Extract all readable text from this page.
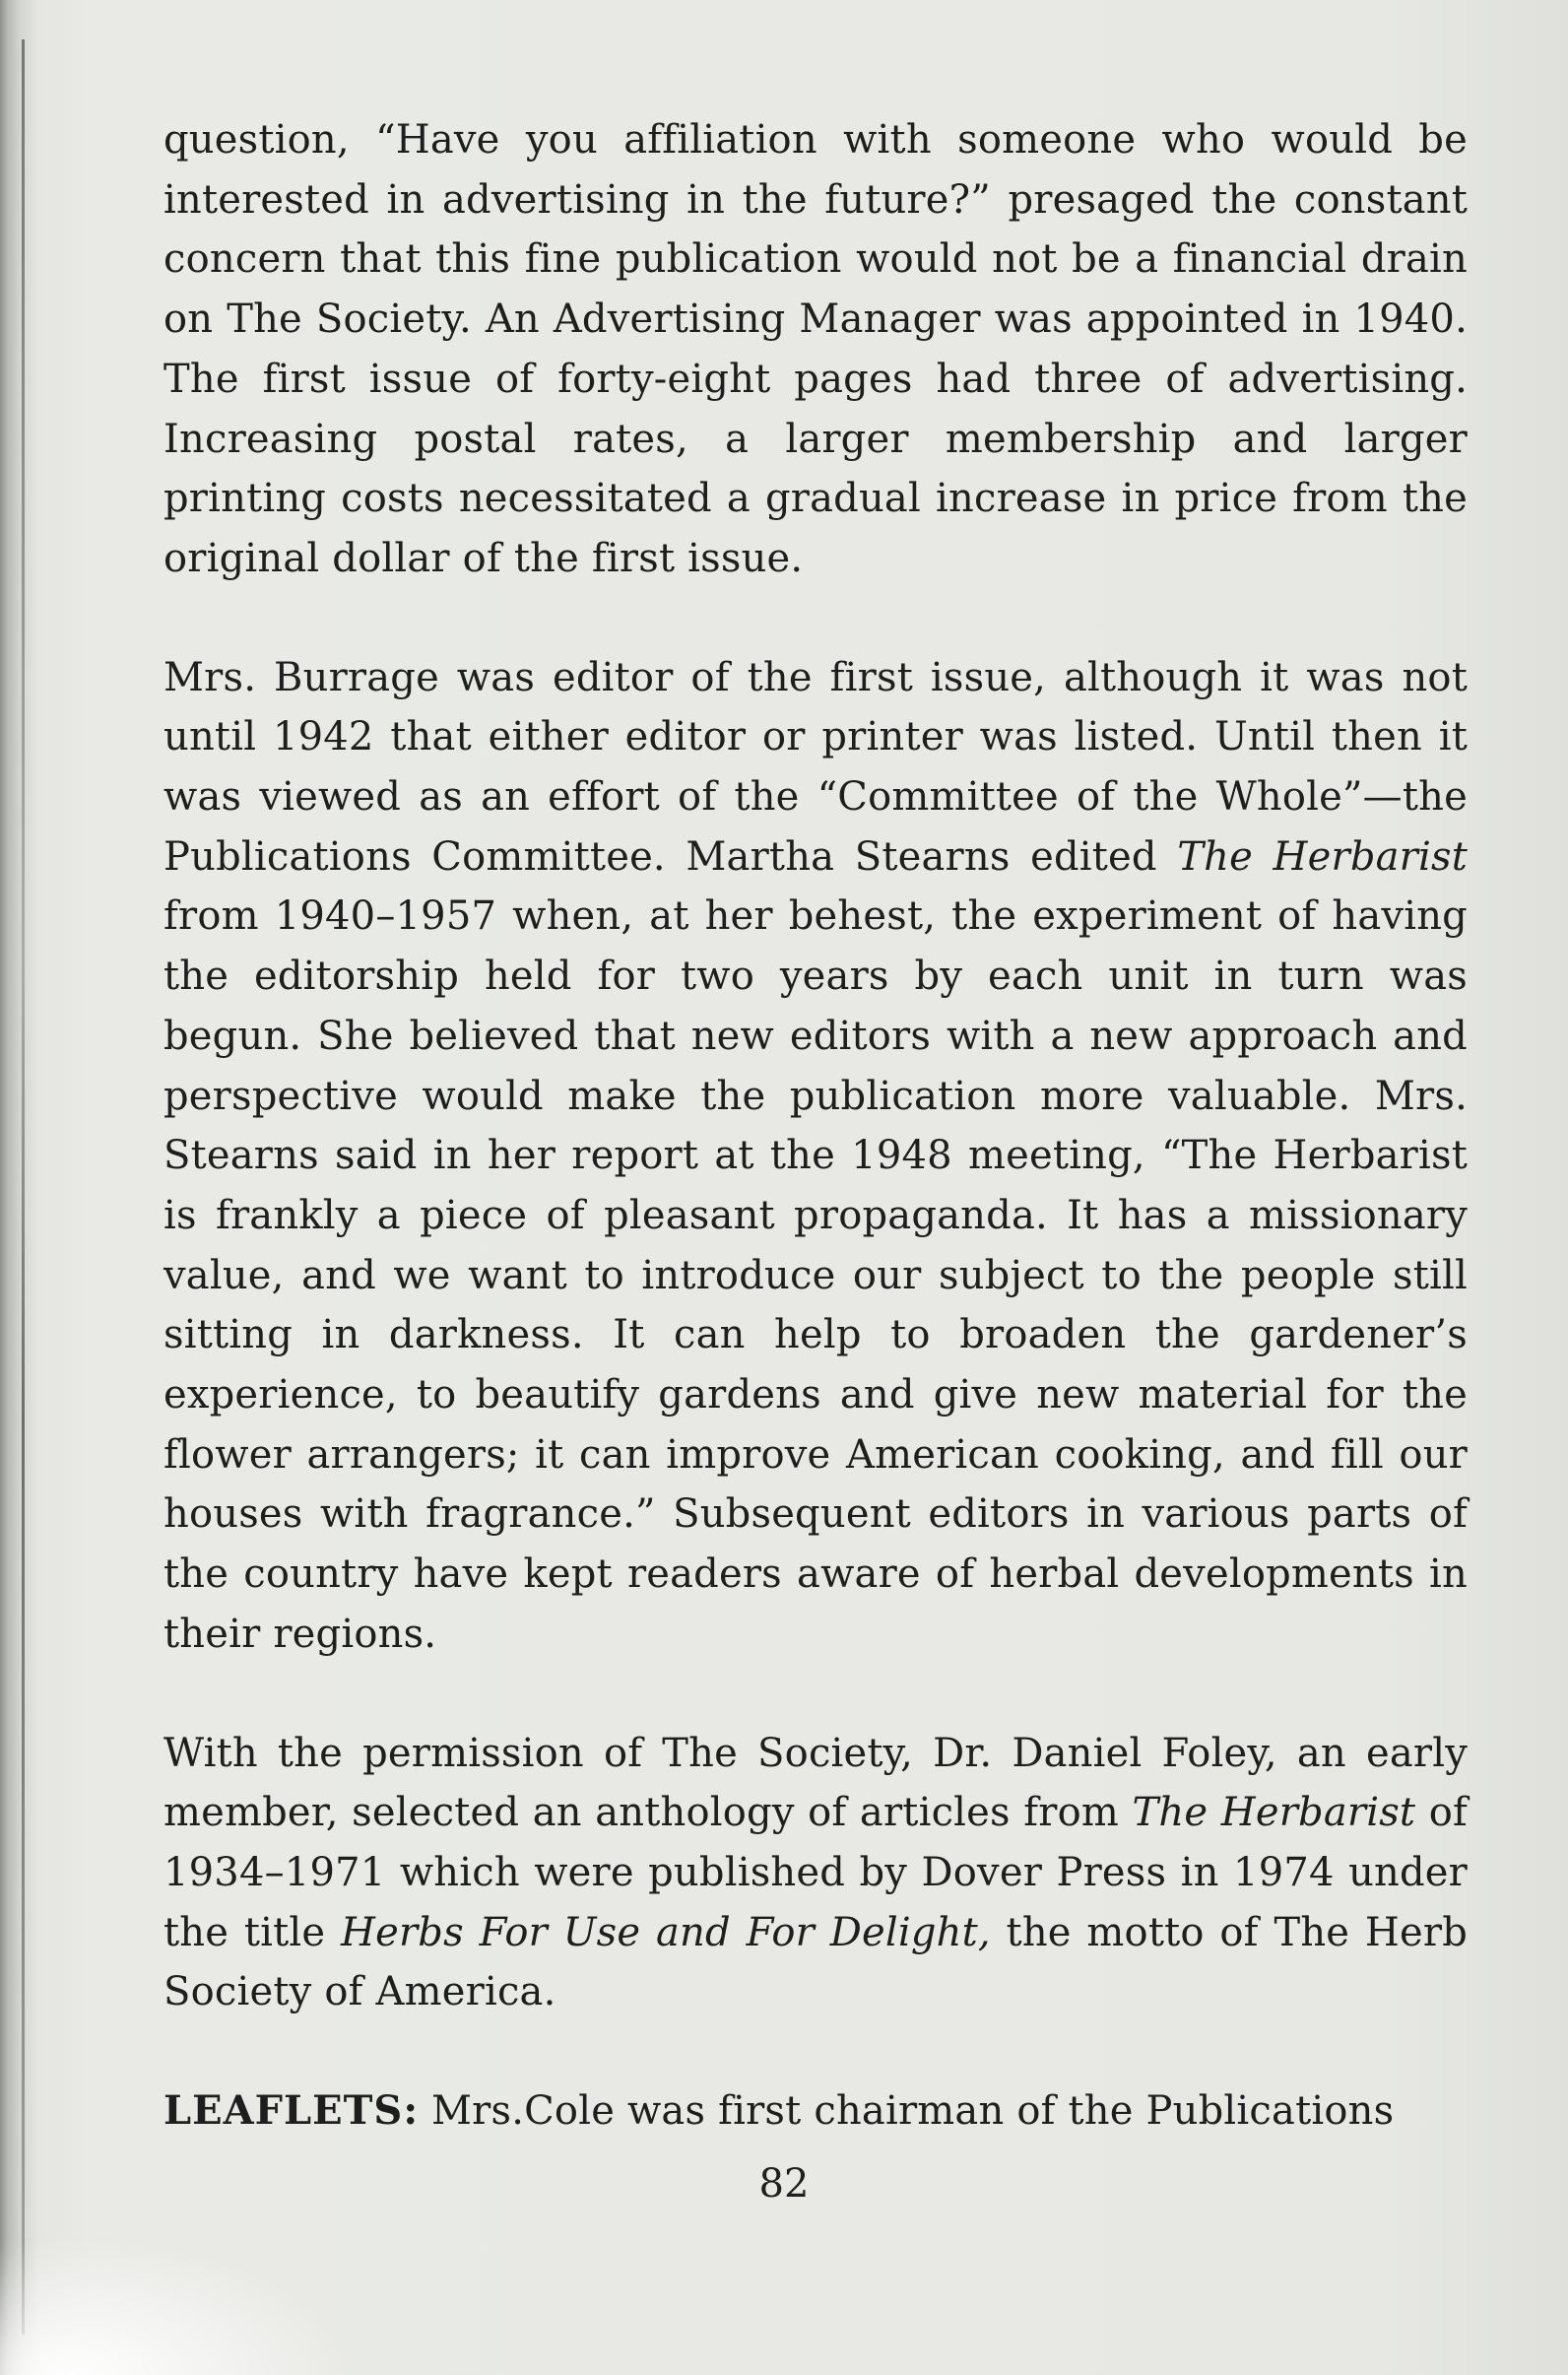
question, “Have you affiliation with someone who would be interested in advertising in the future?” presaged the constant concern that this fine publication would not be a financial drain on The Society. An Advertising Manager was appointed in 1940. The first issue of forty-eight pages had three of advertising. Increasing postal rates, a larger membership and larger printing costs necessitated a gradual increase in price from the original dollar of the first issue.

Mrs. Burrage was editor of the first issue, although it was not until 1942 that either editor or printer was listed. Until then it was viewed as an effort of the “Committee of the Whole”—the Publications Committee. Martha Stearns edited The Herbarist from 1940–1957 when, at her behest, the experiment of having the editorship held for two years by each unit in turn was begun. She believed that new editors with a new approach and perspective would make the publication more valuable. Mrs. Stearns said in her report at the 1948 meeting, “The Herbarist is frankly a piece of pleasant propaganda. It has a missionary value, and we want to introduce our subject to the people still sitting in darkness. It can help to broaden the gardener’s experience, to beautify gardens and give new material for the flower arrangers; it can improve American cooking, and fill our houses with fragrance.” Subsequent editors in various parts of the country have kept readers aware of herbal developments in their regions.

With the permission of The Society, Dr. Daniel Foley, an early member, selected an anthology of articles from The Herbarist of 1934–1971 which were published by Dover Press in 1974 under the title Herbs For Use and For Delight, the motto of The Herb Society of America.

LEAFLETS: Mrs.Cole was first chairman of the Publications

82
